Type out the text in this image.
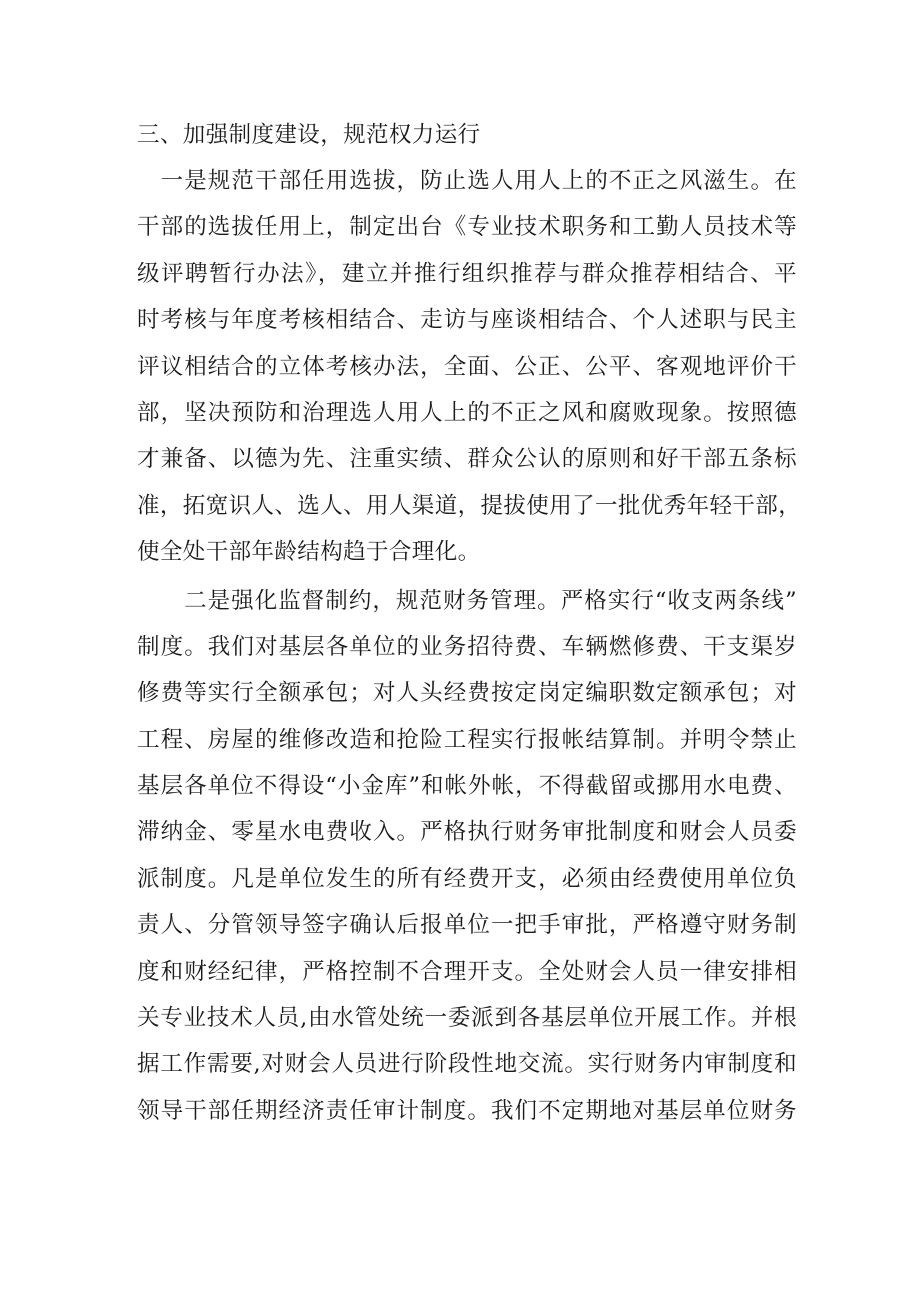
三、加强制度建设，规范权力运行
　一是规范干部任用选拔，防止选人用人上的不正之风滋生。在
干部的选拔任用上，制定出台《专业技术职务和工勤人员技术等
级评聘暂行办法》，建立并推行组织推荐与群众推荐相结合、平
时考核与年度考核相结合、走访与座谈相结合、个人述职与民主
评议相结合的立体考核办法，全面、公正、公平、客观地评价干
部，坚决预防和治理选人用人上的不正之风和腐败现象。按照德
才兼备、以德为先、注重实绩、群众公认的原则和好干部五条标
准，拓宽识人、选人、用人渠道，提拔使用了一批优秀年轻干部，
使全处干部年龄结构趋于合理化。
　　二是强化监督制约，规范财务管理。严格实行“收支两条线”
制度。我们对基层各单位的业务招待费、车辆燃修费、干支渠岁
修费等实行全额承包；对人头经费按定岗定编职数定额承包；对
工程、房屋的维修改造和抢险工程实行报帐结算制。并明令禁止
基层各单位不得设“小金库”和帐外帐，不得截留或挪用水电费、
滞纳金、零星水电费收入。严格执行财务审批制度和财会人员委
派制度。凡是单位发生的所有经费开支，必须由经费使用单位负
责人、分管领导签字确认后报单位一把手审批，严格遵守财务制
度和财经纪律，严格控制不合理开支。全处财会人员一律安排相
关专业技术人员,由水管处统一委派到各基层单位开展工作。并根
据工作需要,对财会人员进行阶段性地交流。实行财务内审制度和
领导干部任期经济责任审计制度。我们不定期地对基层单位财务
